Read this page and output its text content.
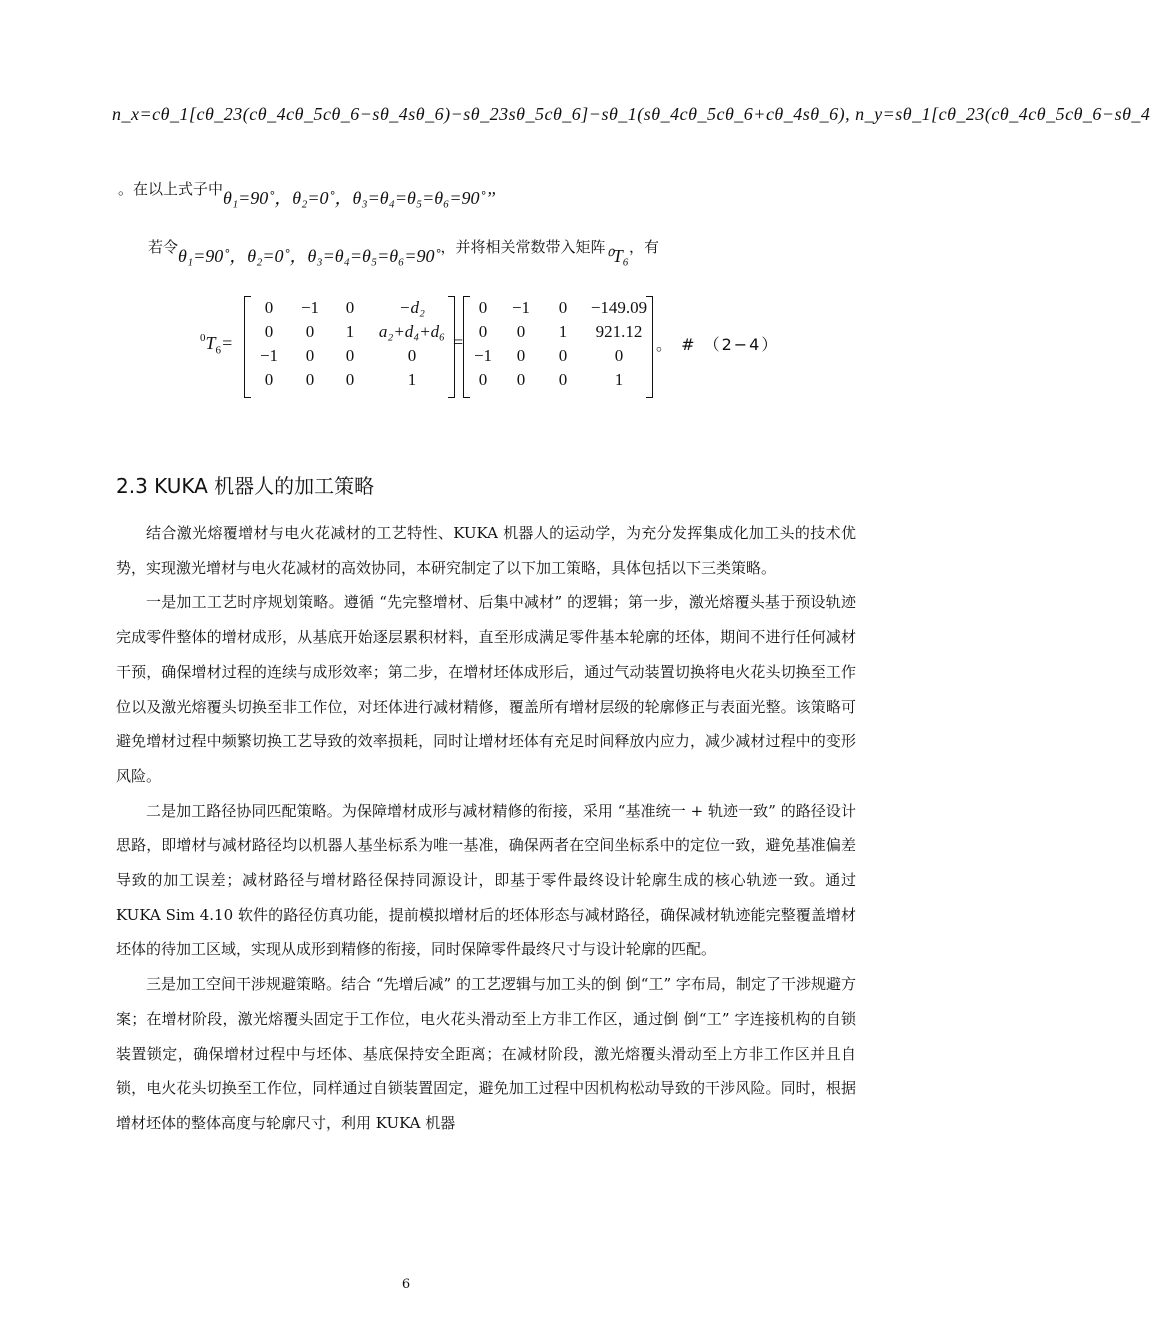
n_x=cθ_1[cθ_23(cθ_4cθ_5cθ_6−sθ_4sθ_6)−sθ_23sθ_5cθ_6]−sθ_1(sθ_4cθ_5cθ_6+cθ_4sθ_6), n_y=sθ_1[cθ_23(cθ_4cθ_5cθ_6−sθ_4
。在以上式子中θ₁=90˚，θ₂=0˚，θ₃=θ₄=θ₅=θ₆=90˚’’
若令θ₁=90˚，θ₂=0˚，θ₃=θ₄=θ₅=θ₆=90˚，并将相关常数带入矩阵⁰T₆，有
$^0T_6=$
0	−1	0	−d₂
0	0	1	a₂+d₄+d₆
−1	0	0	0
0	0	0	1
=
0	−1	0	−149.09
0	0	1	921.12
−1	0	0	0
0	0	0	1
。 # （2−4）
2.3 KUKA 机器人的加工策略

结合激光熔覆增材与电火花减材的工艺特性、KUKA 机器人的运动学，为充分发挥集成化加工头的技术优势，实现激光增材与电火花减材的高效协同，本研究制定了以下加工策略，具体包括以下三类策略。

一是加工工艺时序规划策略。遵循 “先完整增材、后集中减材” 的逻辑；第一步，激光熔覆头基于预设轨迹完成零件整体的增材成形，从基底开始逐层累积材料，直至形成满足零件基本轮廓的坯体，期间不进行任何减材干预，确保增材过程的连续与成形效率；第二步，在增材坯体成形后，通过气动装置切换将电火花头切换至工作位以及激光熔覆头切换至非工作位，对坯体进行减材精修，覆盖所有增材层级的轮廓修正与表面光整。该策略可避免增材过程中频繁切换工艺导致的效率损耗，同时让增材坯体有充足时间释放内应力，减少减材过程中的变形风险。

二是加工路径协同匹配策略。为保障增材成形与减材精修的衔接，采用 “基准统一 + 轨迹一致” 的路径设计思路，即增材与减材路径均以机器人基坐标系为唯一基准，确保两者在空间坐标系中的定位一致，避免基准偏差导致的加工误差；减材路径与增材路径保持同源设计，即基于零件最终设计轮廓生成的核心轨迹一致。通过 KUKA Sim 4.10 软件的路径仿真功能，提前模拟增材后的坯体形态与减材路径，确保减材轨迹能完整覆盖增材坯体的待加工区域，实现从成形到精修的衔接，同时保障零件最终尺寸与设计轮廓的匹配。

三是加工空间干涉规避策略。结合 “先增后减” 的工艺逻辑与加工头的倒 倒“工” 字布局，制定了干涉规避方案；在增材阶段，激光熔覆头固定于工作位，电火花头滑动至上方非工作区，通过倒 倒“工” 字连接机构的自锁装置锁定，确保增材过程中与坯体、基底保持安全距离；在减材阶段，激光熔覆头滑动至上方非工作区并且自锁，电火花头切换至工作位，同样通过自锁装置固定，避免加工过程中因机构松动导致的干涉风险。同时，根据增材坯体的整体高度与轮廓尺寸，利用 KUKA 机器

6
